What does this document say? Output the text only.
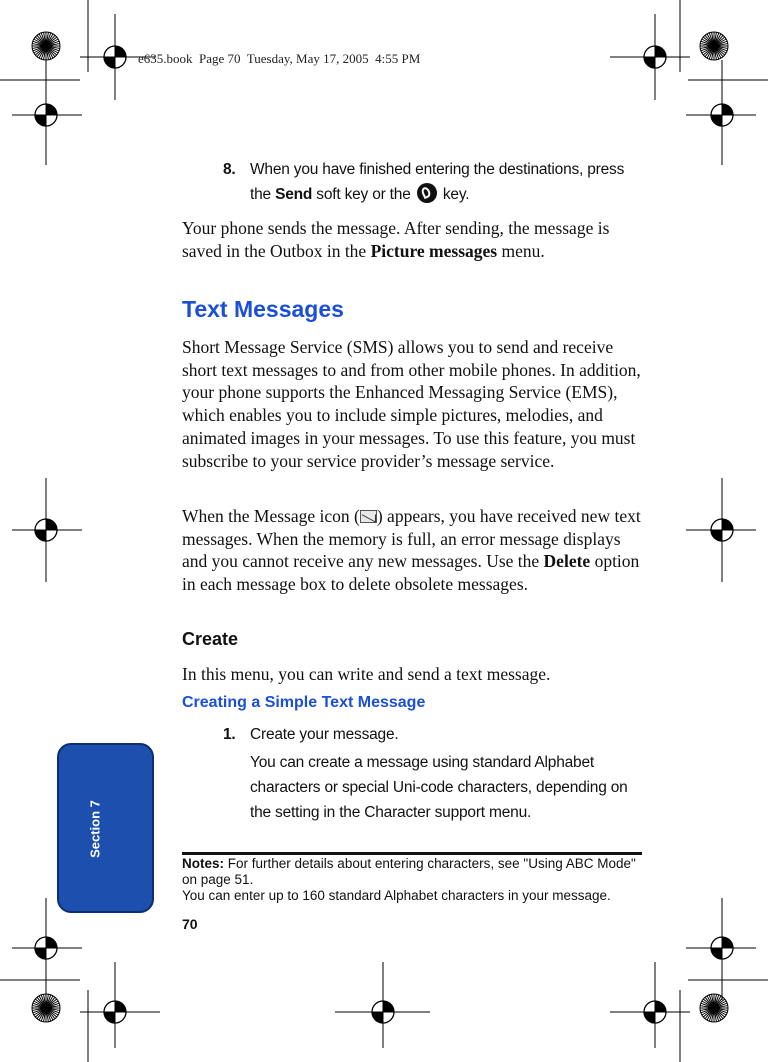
e635.book  Page 70  Tuesday, May 17, 2005  4:55 PM
8. When you have finished entering the destinations, press
the Send soft key or the  key.
Your phone sends the message. After sending, the message is saved in the Outbox in the Picture messages menu.
Text Messages
Short Message Service (SMS) allows you to send and receive short text messages to and from other mobile phones. In addition, your phone supports the Enhanced Messaging Service (EMS), which enables you to include simple pictures, melodies, and animated images in your messages. To use this feature, you must subscribe to your service provider’s message service.
When the Message icon ( ) appears, you have received new text messages. When the memory is full, an error message displays and you cannot receive any new messages. Use the Delete option in each message box to delete obsolete messages.
Create
In this menu, you can write and send a text message.
Creating a Simple Text Message
1. Create your message.
You can create a message using standard Alphabet characters or special Uni-code characters, depending on the setting in the Character support menu.
Notes: For further details about entering characters, see "Using ABC Mode" on page 51.
You can enter up to 160 standard Alphabet characters in your message.
70
Section 7
